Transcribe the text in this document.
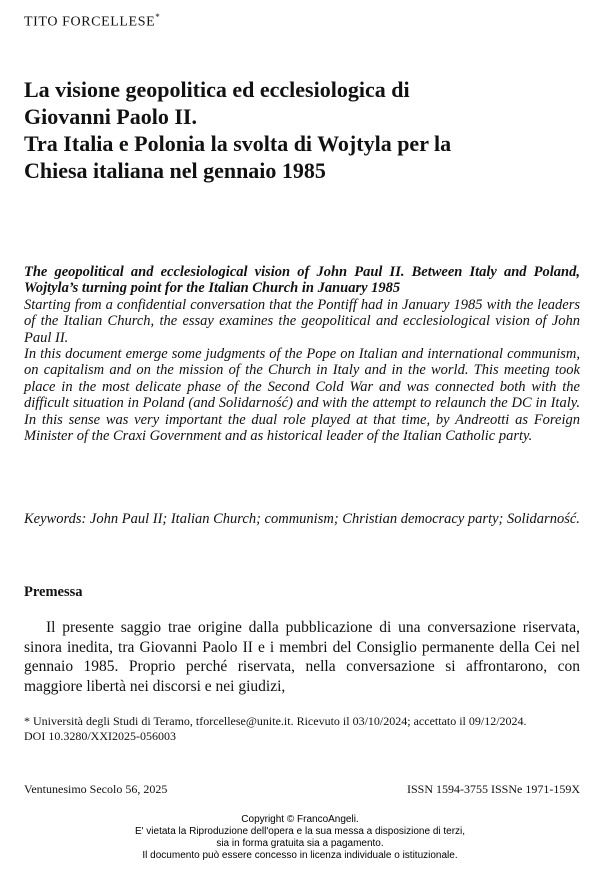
TITO FORCELLESE*
La visione geopolitica ed ecclesiologica di
Giovanni Paolo II.
Tra Italia e Polonia la svolta di Wojtyla per la
Chiesa italiana nel gennaio 1985
The geopolitical and ecclesiological vision of John Paul II. Between Italy and Poland, Wojtyla’s turning point for the Italian Church in January 1985

Starting from a confidential conversation that the Pontiff had in January 1985 with the leaders of the Italian Church, the essay examines the geopolitical and ecclesiological vision of John Paul II.

In this document emerge some judgments of the Pope on Italian and international communism, on capitalism and on the mission of the Church in Italy and in the world. This meeting took place in the most delicate phase of the Second Cold War and was connected both with the difficult situation in Poland (and Solidarność) and with the attempt to relaunch the DC in Italy. In this sense was very important the dual role played at that time, by Andreotti as Foreign Minister of the Craxi Government and as historical leader of the Italian Catholic party.

Keywords: John Paul II; Italian Church; communism; Christian democracy party; Solidarność.
Premessa

Il presente saggio trae origine dalla pubblicazione di una conversazione riservata, sinora inedita, tra Giovanni Paolo II e i membri del Consiglio permanente della Cei nel gennaio 1985. Proprio perché riservata, nella conversazione si affrontarono, con maggiore libertà nei discorsi e nei giudizi,

* Università degli Studi di Teramo, tforcellese@unite.it. Ricevuto il 03/10/2024; accettato il 09/12/2024.
DOI 10.3280/XXI2025-056003
Ventunesimo Secolo 56, 2025	ISSN 1594-3755 ISSNe 1971-159X
Copyright © FrancoAngeli.
E' vietata la Riproduzione dell'opera e la sua messa a disposizione di terzi,
sia in forma gratuita sia a pagamento.
Il documento può essere concesso in licenza individuale o istituzionale.
